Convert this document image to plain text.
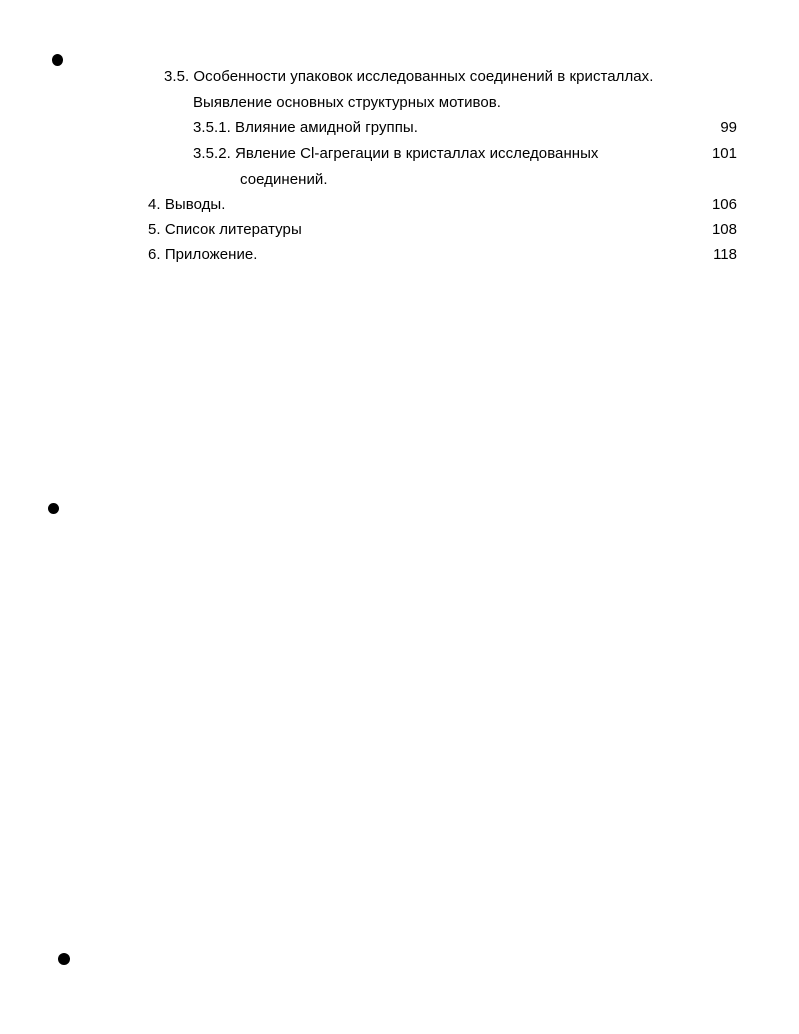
3.5. Особенности упаковок исследованных соединений в кристаллах.
Выявление основных структурных мотивов.
3.5.1. Влияние амидной группы.	99
3.5.2. Явление Cl-агрегации в кристаллах исследованных	101
соединений.
4. Выводы.	106
5. Список литературы	108
6. Приложение.	118
